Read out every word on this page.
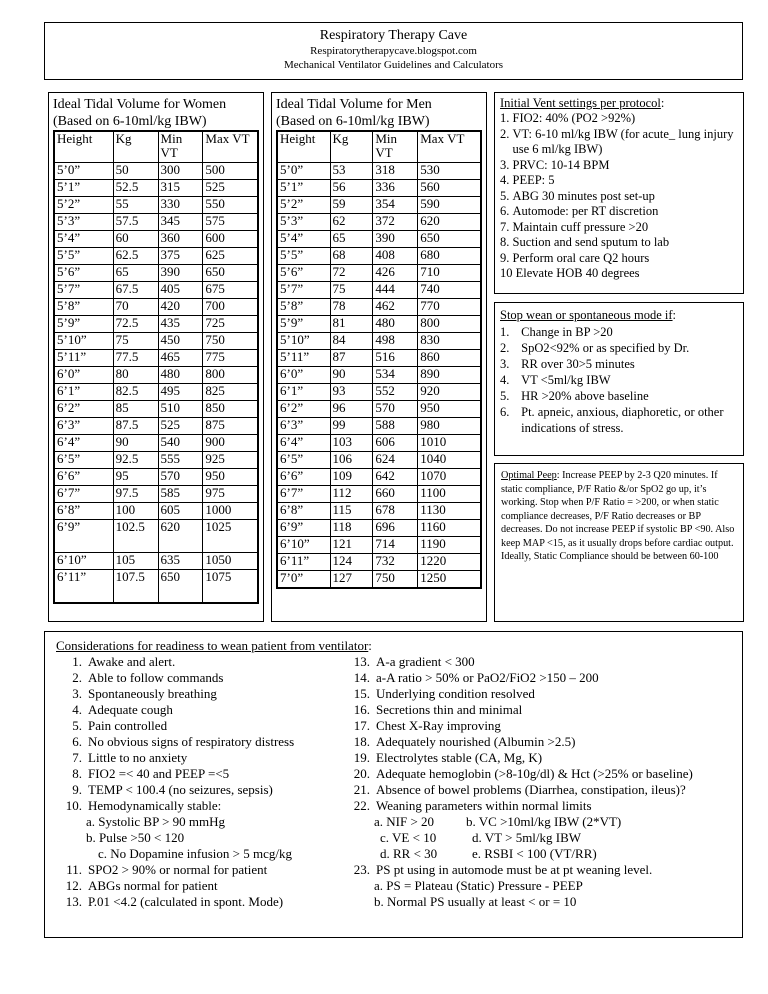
Respiratory Therapy Cave
Respiratorytherapycave.blogspot.com
Mechanical Ventilator Guidelines and Calculators
Ideal Tidal Volume for Women
(Based on 6-10ml/kg IBW)
Height	Kg	Min VT	Max VT
5’0”	50	300	500
5’1”	52.5	315	525
5’2”	55	330	550
5’3”	57.5	345	575
5’4”	60	360	600
5’5”	62.5	375	625
5’6”	65	390	650
5’7”	67.5	405	675
5’8”	70	420	700
5’9”	72.5	435	725
5’10”	75	450	750
5’11”	77.5	465	775
6’0”	80	480	800
6’1”	82.5	495	825
6’2”	85	510	850
6’3”	87.5	525	875
6’4”	90	540	900
6’5”	92.5	555	925
6’6”	95	570	950
6’7”	97.5	585	975
6’8”	100	605	1000
6’9”	102.5	620	1025
6’10”	105	635	1050
6’11”	107.5	650	1075
Ideal Tidal Volume for Men
(Based on 6-10ml/kg IBW)
Height	Kg	Min VT	Max VT
5’0”	53	318	530
5’1”	56	336	560
5’2”	59	354	590
5’3”	62	372	620
5’4”	65	390	650
5’5”	68	408	680
5’6”	72	426	710
5’7”	75	444	740
5’8”	78	462	770
5’9”	81	480	800
5’10”	84	498	830
5’11”	87	516	860
6’0”	90	534	890
6’1”	93	552	920
6’2”	96	570	950
6’3”	99	588	980
6’4”	103	606	1010
6’5”	106	624	1040
6’6”	109	642	1070
6’7”	112	660	1100
6’8”	115	678	1130
6’9”	118	696	1160
6’10”	121	714	1190
6’11”	124	732	1220
7’0”	127	750	1250
Initial Vent settings per protocol:
1.
FIO2: 40% (PO2 >92%)
2.
VT: 6-10 ml/kg IBW (for acute_ lung injury use 6 ml/kg IBW)
3.
PRVC: 10-14 BPM
4.
PEEP: 5
5.
ABG 30 minutes post set-up
6.
Automode: per RT discretion
7.
Maintain cuff pressure >20
8.
Suction and send sputum to lab
9.
Perform oral care Q2 hours
10
Elevate HOB 40 degrees
Stop wean or spontaneous mode if:
1.
Change in BP >20
2.
SpO2<92% or as specified by Dr.
3.
RR over 30>5 minutes
4.
VT <5ml/kg IBW
5.
HR >20% above baseline
6.
Pt. apneic, anxious, diaphoretic, or other indications of stress.
Optimal Peep: Increase PEEP by 2-3 Q20 minutes. If static compliance, P/F Ratio &/or SpO2 go up, it’s working. Stop when P/F Ratio = >200, or when static compliance decreases, P/F Ratio decreases or BP decreases. Do not increase PEEP if systolic BP <90. Also keep MAP <15, as it usually drops before cardiac output. Ideally, Static Compliance should be between 60-100
Considerations for readiness to wean patient from ventilator:
1. Awake and alert.
2. Able to follow commands
3. Spontaneously breathing
4. Adequate cough
5. Pain controlled
6. No obvious signs of respiratory distress
7. Little to no anxiety
8. FIO2 =< 40 and PEEP =<5
9. TEMP < 100.4 (no seizures, sepsis)
10. Hemodynamically stable:
a. Systolic BP > 90 mmHg
b. Pulse >50 < 120
c. No Dopamine infusion > 5 mcg/kg
11. SPO2 > 90% or normal for patient
12. ABGs normal for patient
13. P.01 <4.2 (calculated in spont. Mode)
13. A-a gradient < 300
14. a-A ratio > 50% or PaO2/FiO2 >150 – 200
15. Underlying condition resolved
16. Secretions thin and minimal
17. Chest X-Ray improving
18. Adequately nourished (Albumin >2.5)
19. Electrolytes stable (CA, Mg, K)
20. Adequate hemoglobin (>8-10g/dl) & Hct (>25% or baseline)
21. Absence of bowel problems (Diarrhea, constipation, ileus)?
22. Weaning parameters within normal limits
a. NIF > 20	b. VC >10ml/kg IBW (2*VT)
c. VE < 10	d. VT > 5ml/kg IBW
d. RR < 30	e. RSBI < 100 (VT/RR)
23. PS pt using in automode must be at pt weaning level.
a. PS = Plateau (Static) Pressure - PEEP
b. Normal PS usually at least < or = 10
